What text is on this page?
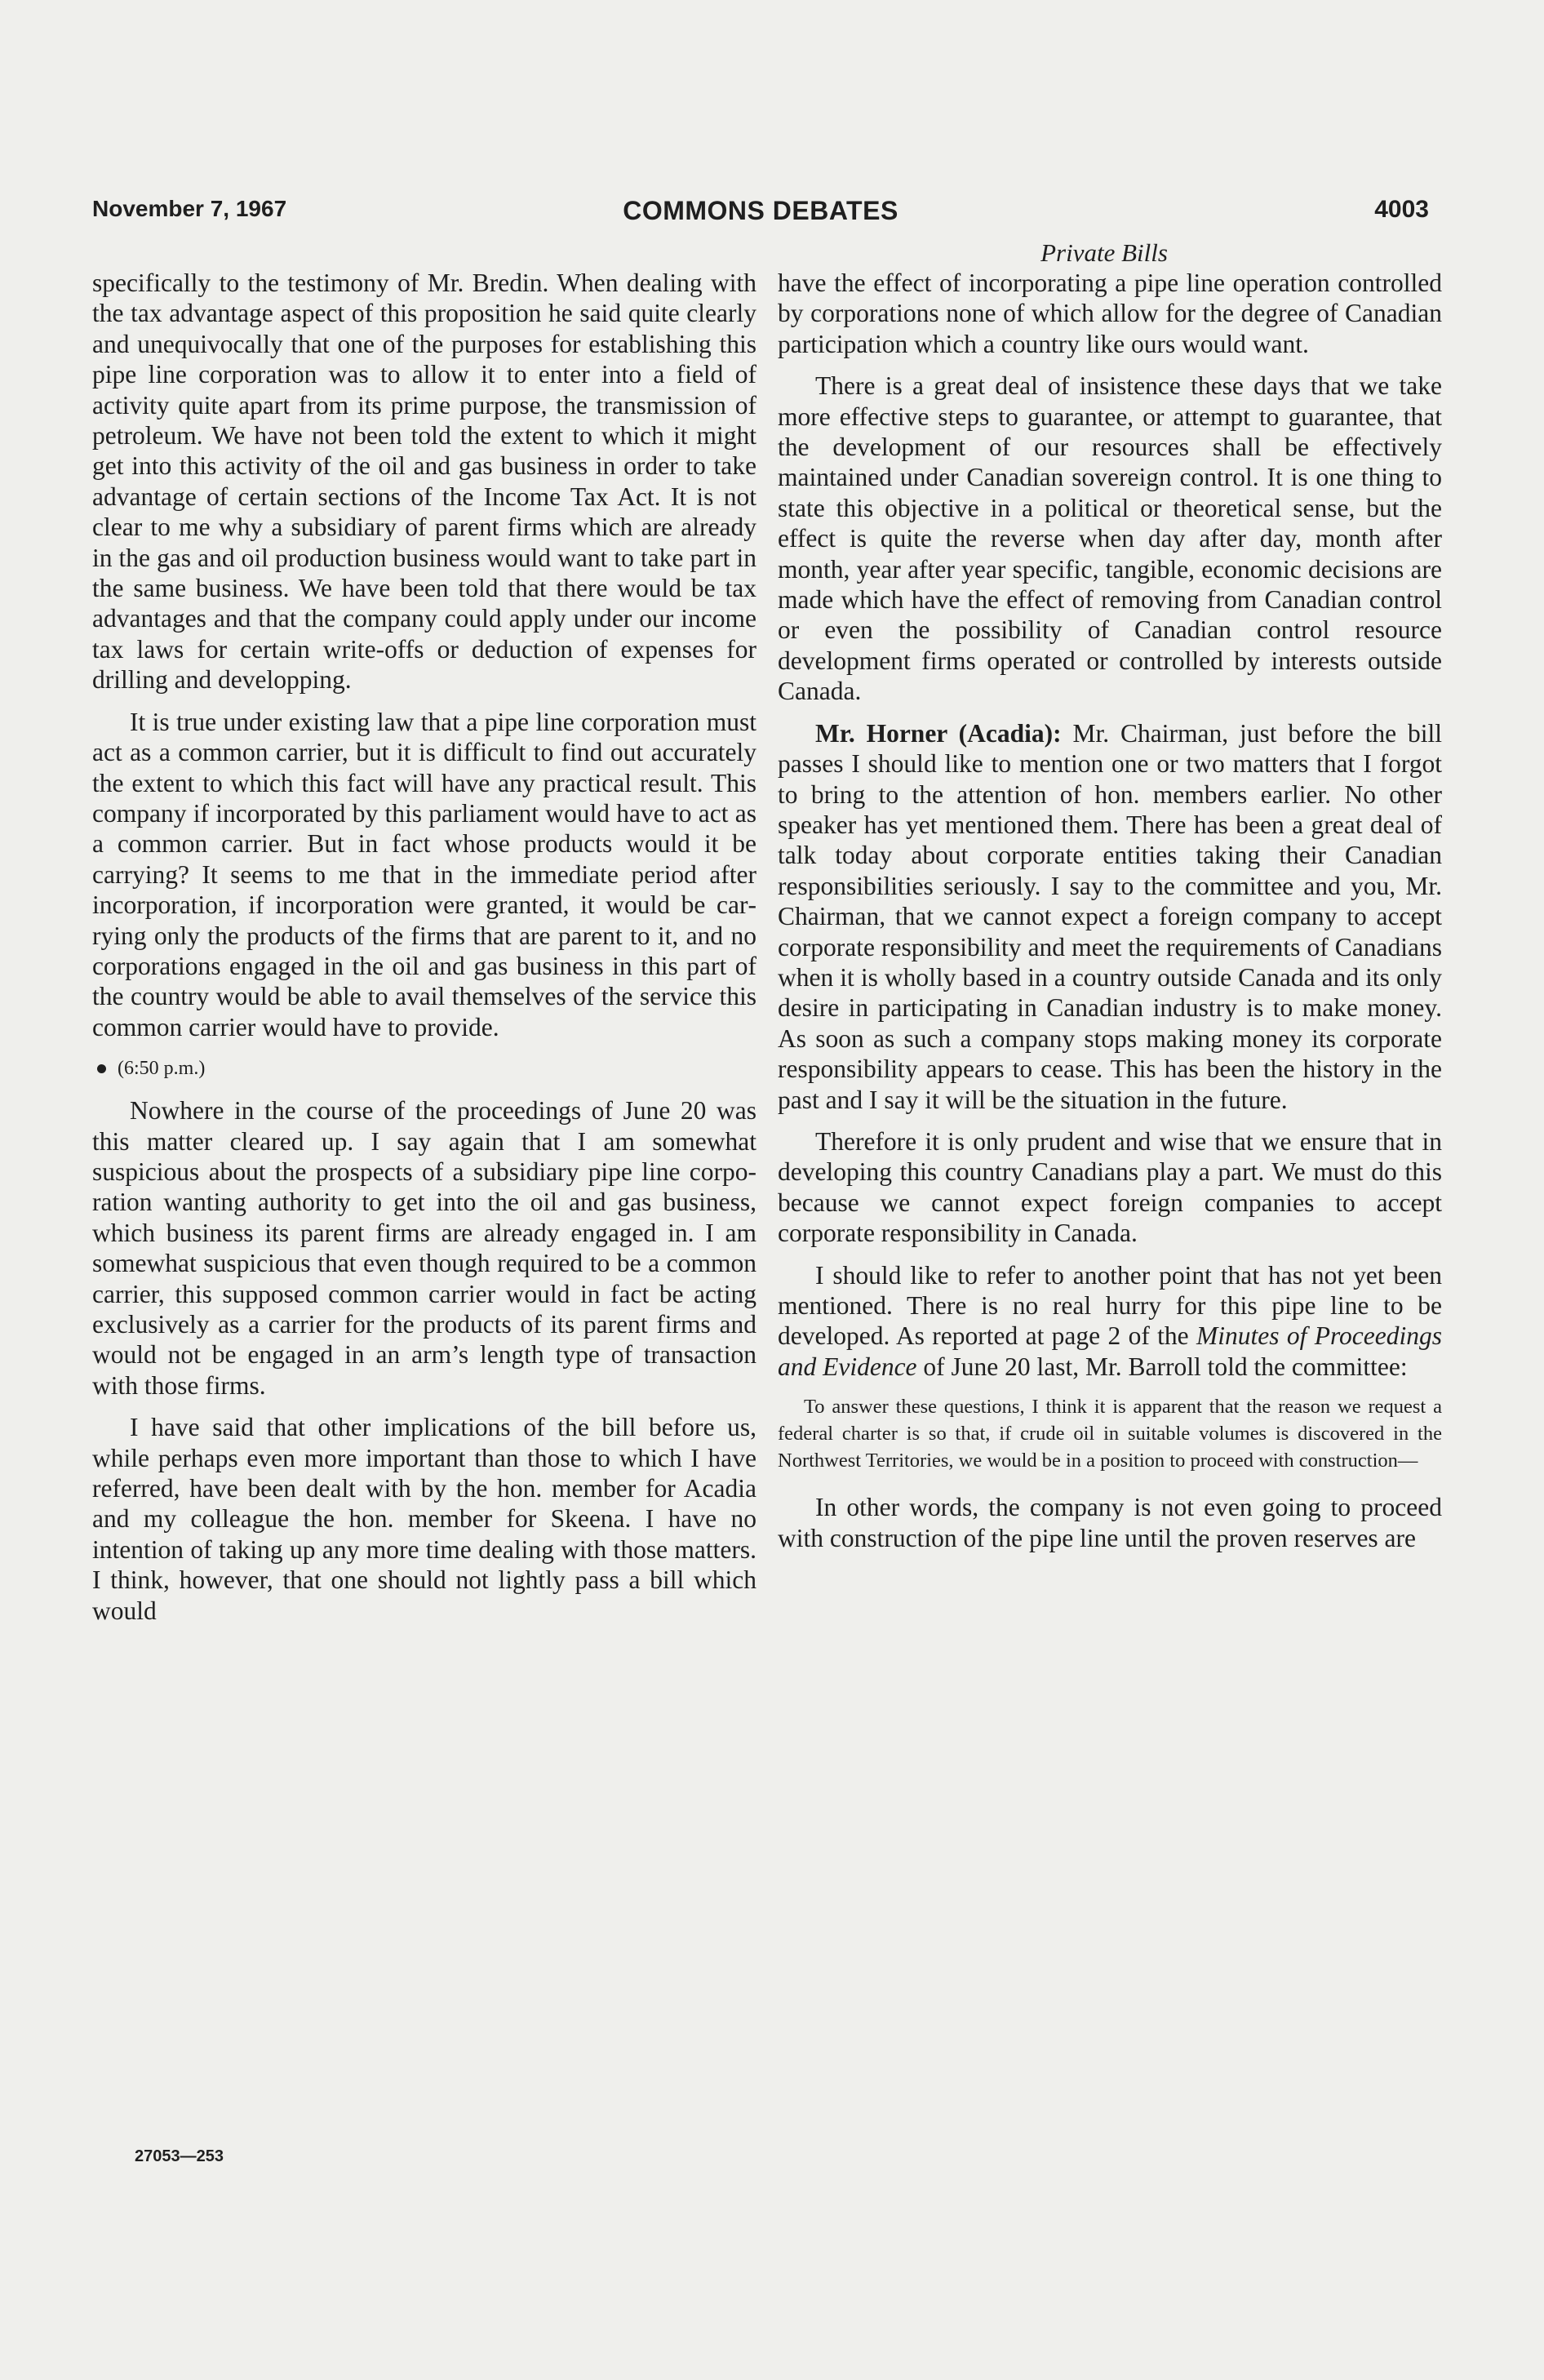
November 7, 1967	COMMONS DEBATES	4003
Private Bills

specifically to the testimony of Mr. Bredin. When dealing with the tax advantage aspect of this proposition he said quite clearly and unequivocally that one of the purposes for establishing this pipe line corporation was to allow it to enter into a field of activity quite apart from its prime purpose, the transmission of petroleum. We have not been told the extent to which it might get into this activity of the oil and gas business in order to take advantage of certain sections of the Income Tax Act. It is not clear to me why a subsidiary of parent firms which are already in the gas and oil production business would want to take part in the same business. We have been told that there would be tax advantages and that the company could apply under our income tax laws for certain write-offs or deduction of expenses for drilling and developping.

It is true under existing law that a pipe line corporation must act as a common carrier, but it is difficult to find out accurately the extent to which this fact will have any practical result. This company if incorporated by this parliament would have to act as a common carrier. But in fact whose products would it be carrying? It seems to me that in the immediate period after incorporation, if incorporation were granted, it would be carrying only the products of the firms that are parent to it, and no corporations engaged in the oil and gas business in this part of the country would be able to avail themselves of the service this common carrier would have to provide.

(6:50 p.m.)

Nowhere in the course of the proceedings of June 20 was this matter cleared up. I say again that I am somewhat suspicious about the prospects of a subsidiary pipe line corporation wanting authority to get into the oil and gas business, which business its parent firms are already engaged in. I am somewhat suspicious that even though required to be a common carrier, this supposed common carrier would in fact be acting exclusively as a carrier for the products of its parent firms and would not be engaged in an arm’s length type of transaction with those firms.

I have said that other implications of the bill before us, while perhaps even more important than those to which I have referred, have been dealt with by the hon. member for Acadia and my colleague the hon. member for Skeena. I have no intention of taking up any more time dealing with those matters. I think, however, that one should not lightly pass a bill which would

have the effect of incorporating a pipe line operation controlled by corporations none of which allow for the degree of Canadian participation which a country like ours would want.

There is a great deal of insistence these days that we take more effective steps to guarantee, or attempt to guarantee, that the development of our resources shall be effectively maintained under Canadian sovereign control. It is one thing to state this objective in a political or theoretical sense, but the effect is quite the reverse when day after day, month after month, year after year specific, tangible, economic decisions are made which have the effect of removing from Canadian control or even the possibility of Canadian control resource development firms operated or controlled by interests outside Canada.

Mr. Horner (Acadia): Mr. Chairman, just before the bill passes I should like to mention one or two matters that I forgot to bring to the attention of hon. members earlier. No other speaker has yet mentioned them. There has been a great deal of talk today about corporate entities taking their Canadian responsibilities seriously. I say to the committee and you, Mr. Chairman, that we cannot expect a foreign company to accept corporate responsibility and meet the requirements of Canadians when it is wholly based in a country outside Canada and its only desire in participating in Canadian industry is to make money. As soon as such a company stops making money its corporate responsibility appears to cease. This has been the history in the past and I say it will be the situation in the future.

Therefore it is only prudent and wise that we ensure that in developing this country Canadians play a part. We must do this because we cannot expect foreign companies to accept corporate responsibility in Canada.

I should like to refer to another point that has not yet been mentioned. There is no real hurry for this pipe line to be developed. As reported at page 2 of the Minutes of Proceedings and Evidence of June 20 last, Mr. Barroll told the committee:

To answer these questions, I think it is apparent that the reason we request a federal charter is so that, if crude oil in suitable volumes is discovered in the Northwest Territories, we would be in a position to proceed with construction—

In other words, the company is not even going to proceed with construction of the pipe line until the proven reserves are

27053—253
